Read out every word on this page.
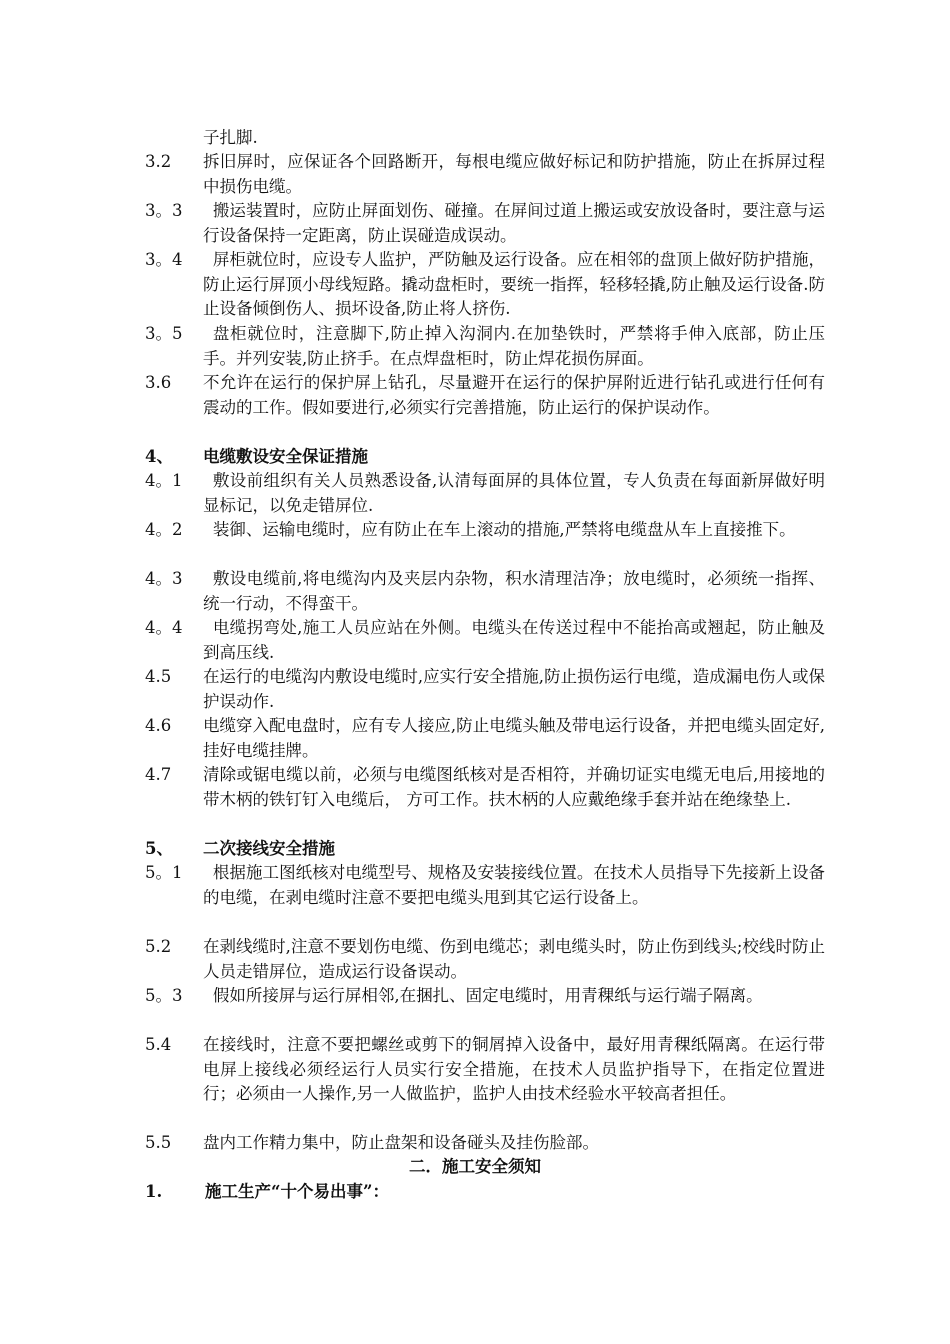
子扎脚.
3.2	拆旧屏时，应保证各个回路断开，每根电缆应做好标记和防护措施，防止在拆屏过程中损伤电缆。
3。3	搬运装置时，应防止屏面划伤、碰撞。在屏间过道上搬运或安放设备时，要注意与运行设备保持一定距离，防止误碰造成误动。
3。4	屏柜就位时，应设专人监护，严防触及运行设备。应在相邻的盘顶上做好防护措施，防止运行屏顶小母线短路。撬动盘柜时，要统一指挥，轻移轻撬,防止触及运行设备.防止设备倾倒伤人、损坏设备,防止将人挤伤.
3。5	盘柜就位时，注意脚下,防止掉入沟洞内.在加垫铁时，严禁将手伸入底部，防止压手。并列安装,防止挤手。在点焊盘柜时，防止焊花损伤屏面。
3.6	不允许在运行的保护屏上钻孔，尽量避开在运行的保护屏附近进行钻孔或进行任何有震动的工作。假如要进行,必须实行完善措施，防止运行的保护误动作。
4、	电缆敷设安全保证措施
4。1	敷设前组织有关人员熟悉设备,认清每面屏的具体位置，专人负责在每面新屏做好明显标记，以免走错屏位.
4。2	装御、运输电缆时，应有防止在车上滚动的措施,严禁将电缆盘从车上直接推下。
4。3	敷设电缆前,将电缆沟内及夹层内杂物，积水清理洁净；放电缆时，必须统一指挥、统一行动，不得蛮干。
4。4	电缆拐弯处,施工人员应站在外侧。电缆头在传送过程中不能抬高或翘起，防止触及到高压线.
4.5	在运行的电缆沟内敷设电缆时,应实行安全措施,防止损伤运行电缆，造成漏电伤人或保护误动作.
4.6	电缆穿入配电盘时，应有专人接应,防止电缆头触及带电运行设备，并把电缆头固定好,挂好电缆挂牌。
4.7	清除或锯电缆以前，必须与电缆图纸核对是否相符，并确切证实电缆无电后,用接地的带木柄的铁钉钉入电缆后， 方可工作。扶木柄的人应戴绝缘手套并站在绝缘垫上.
5、	二次接线安全措施
5。1	根据施工图纸核对电缆型号、规格及安装接线位置。在技术人员指导下先接新上设备的电缆，在剥电缆时注意不要把电缆头甩到其它运行设备上。
5.2	在剥线缆时,注意不要划伤电缆、伤到电缆芯；剥电缆头时，防止伤到线头;校线时防止人员走错屏位，造成运行设备误动。
5。3	假如所接屏与运行屏相邻,在捆扎、固定电缆时，用青稞纸与运行端子隔离。
5.4	在接线时，注意不要把螺丝或剪下的铜屑掉入设备中，最好用青稞纸隔离。在运行带电屏上接线必须经运行人员实行安全措施，在技术人员监护指导下，在指定位置进行；必须由一人操作,另一人做监护，监护人由技术经验水平较高者担任。
5.5	盘内工作精力集中，防止盘架和设备碰头及挂伤脸部。
二．施工安全须知
1.	施工生产“十个易出事”：
